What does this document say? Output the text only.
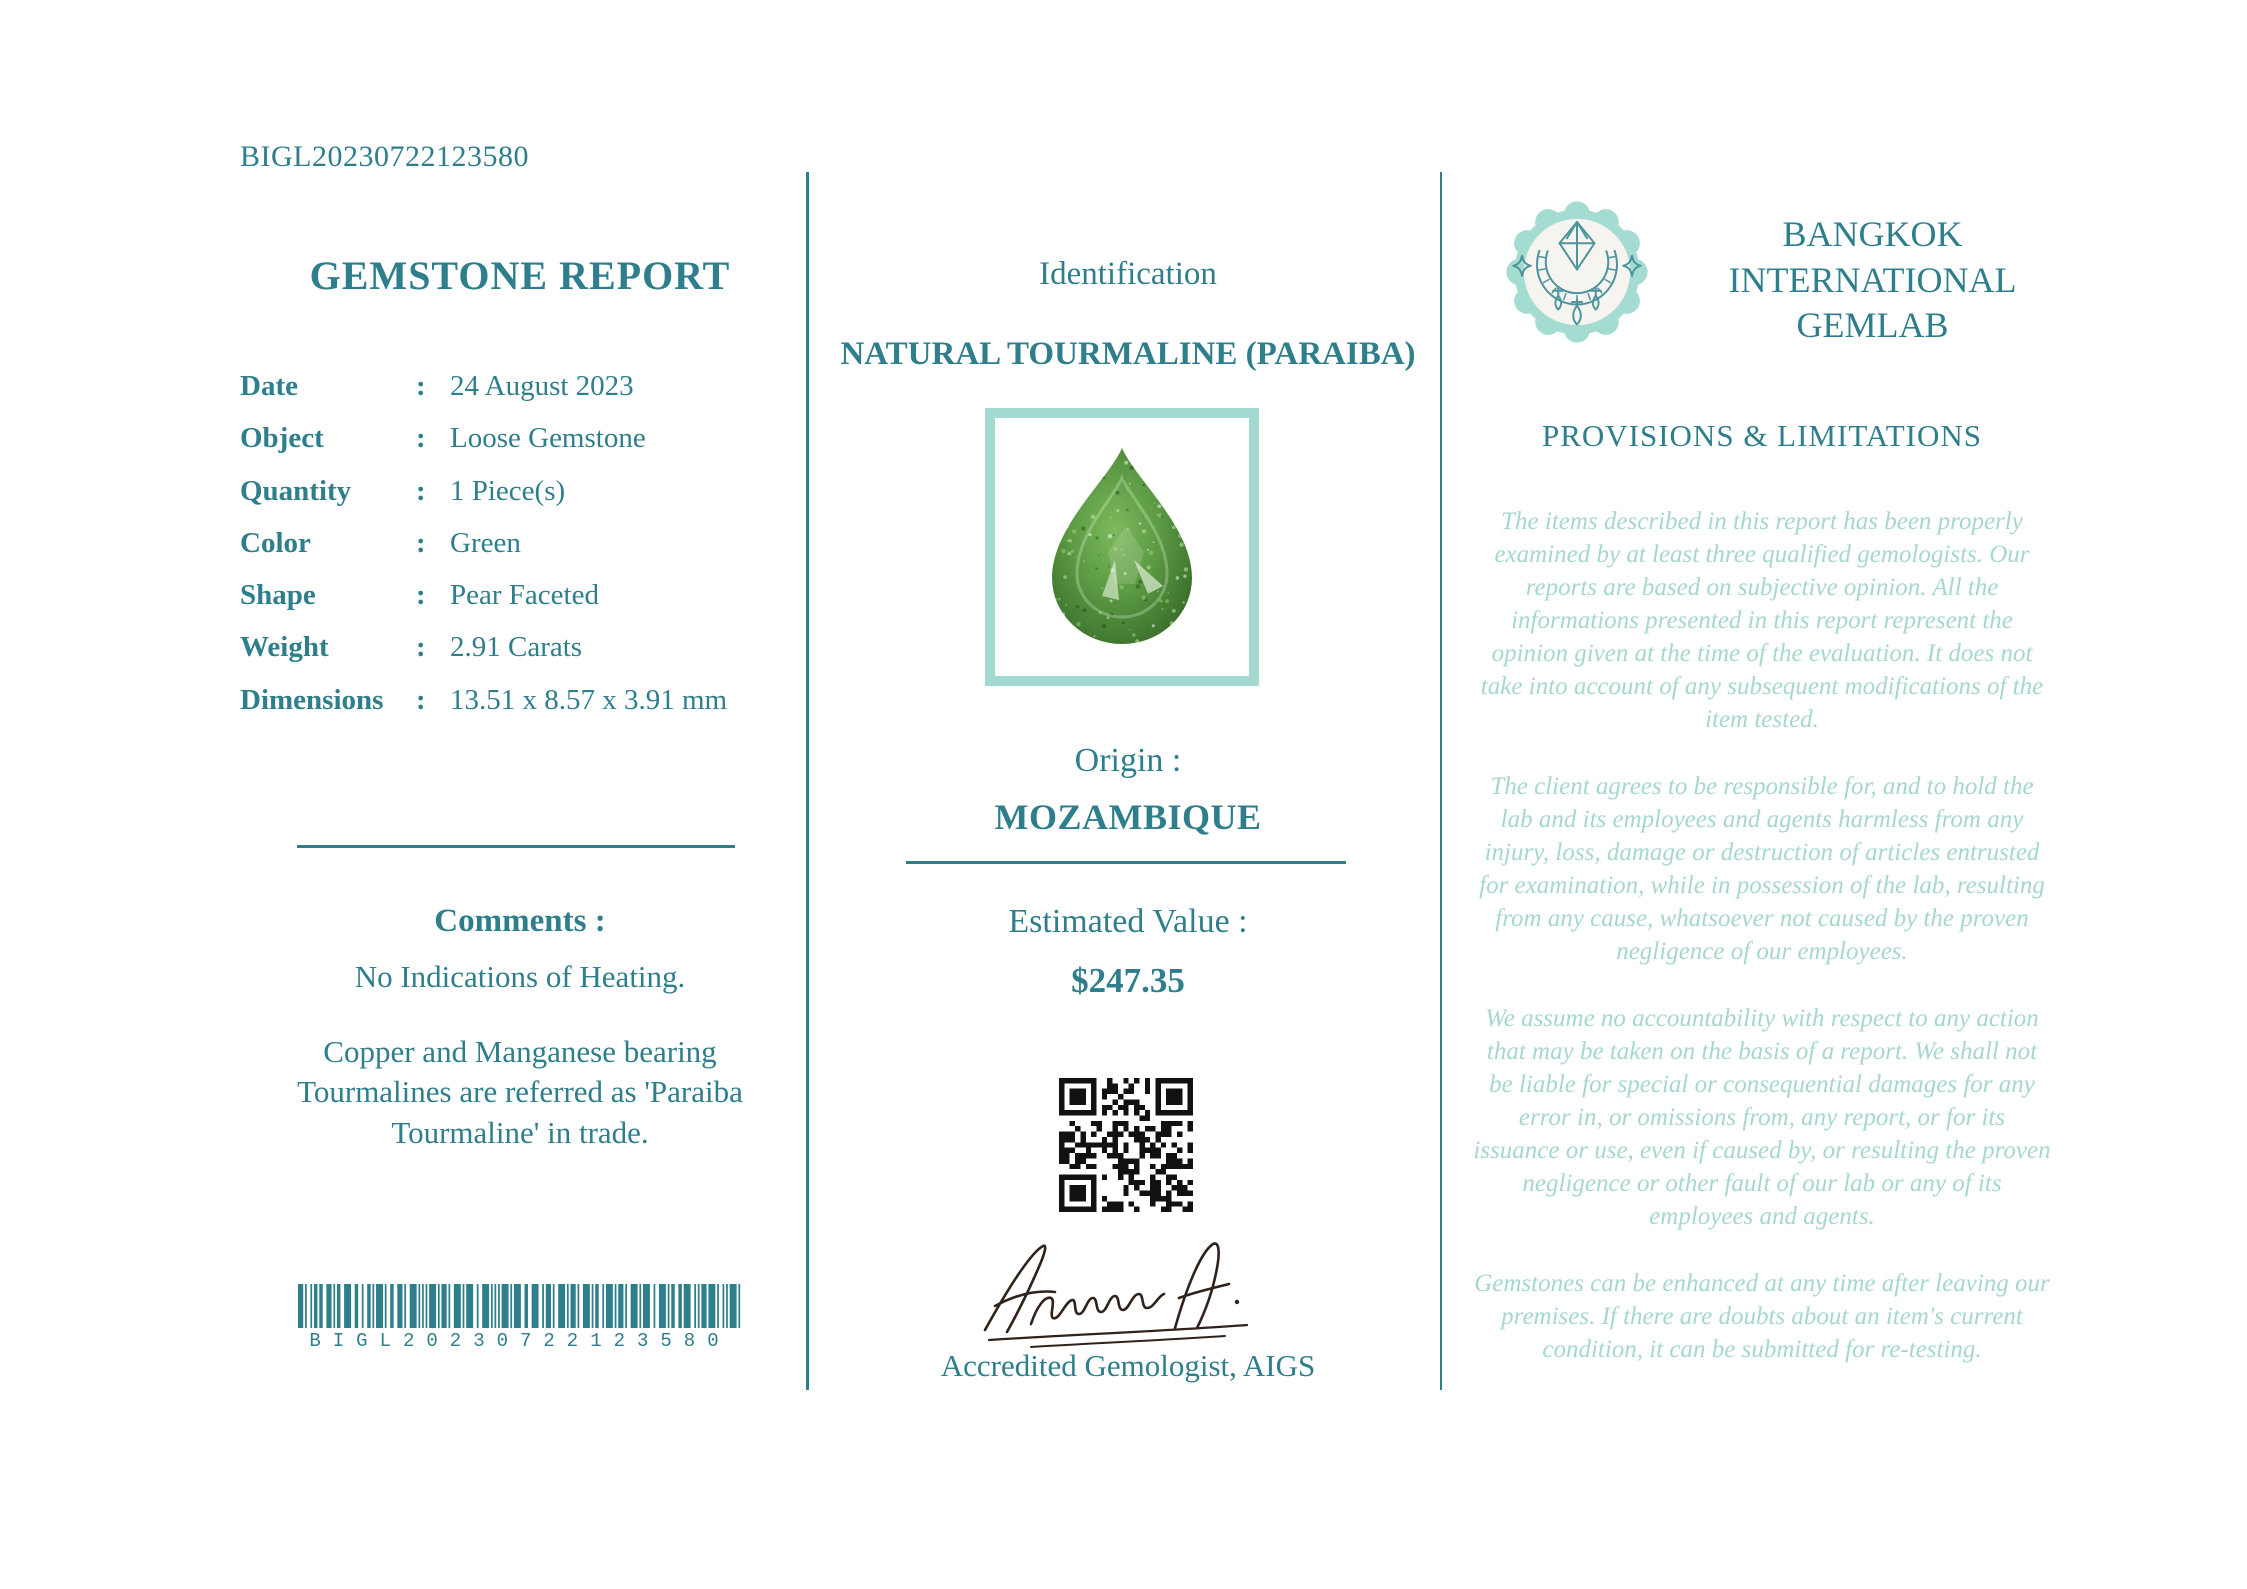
BIGL20230722123580
GEMSTONE REPORT
Date	: 24 August 2023
Object	: Loose Gemstone
Quantity	: 1 Piece(s)
Color	: Green
Shape	: Pear Faceted
Weight	: 2.91 Carats
Dimensions	: 13.51 x 8.57 x 3.91 mm
Comments :
No Indications of Heating.
Copper and Manganese bearing Tourmalines are referred as 'Paraiba Tourmaline' in trade.
BIGL20230722123580
Identification
NATURAL TOURMALINE (PARAIBA)
Origin :
MOZAMBIQUE
Estimated Value :
$247.35
Accredited Gemologist, AIGS
BANGKOK INTERNATIONAL GEMLAB
PROVISIONS & LIMITATIONS

The items described in this report has been properly examined by at least three qualified gemologists. Our reports are based on subjective opinion. All the informations presented in this report represent the opinion given at the time of the evaluation. It does not take into account of any subsequent modifications of the item tested.

The client agrees to be responsible for, and to hold the lab and its employees and agents harmless from any injury, loss, damage or destruction of articles entrusted for examination, while in possession of the lab, resulting from any cause, whatsoever not caused by the proven negligence of our employees.

We assume no accountability with respect to any action that may be taken on the basis of a report. We shall not be liable for special or consequential damages for any error in, or omissions from, any report, or for its issuance or use, even if caused by, or resulting the proven negligence or other fault of our lab or any of its employees and agents.

Gemstones can be enhanced at any time after leaving our premises. If there are doubts about an item's current condition, it can be submitted for re-testing.
